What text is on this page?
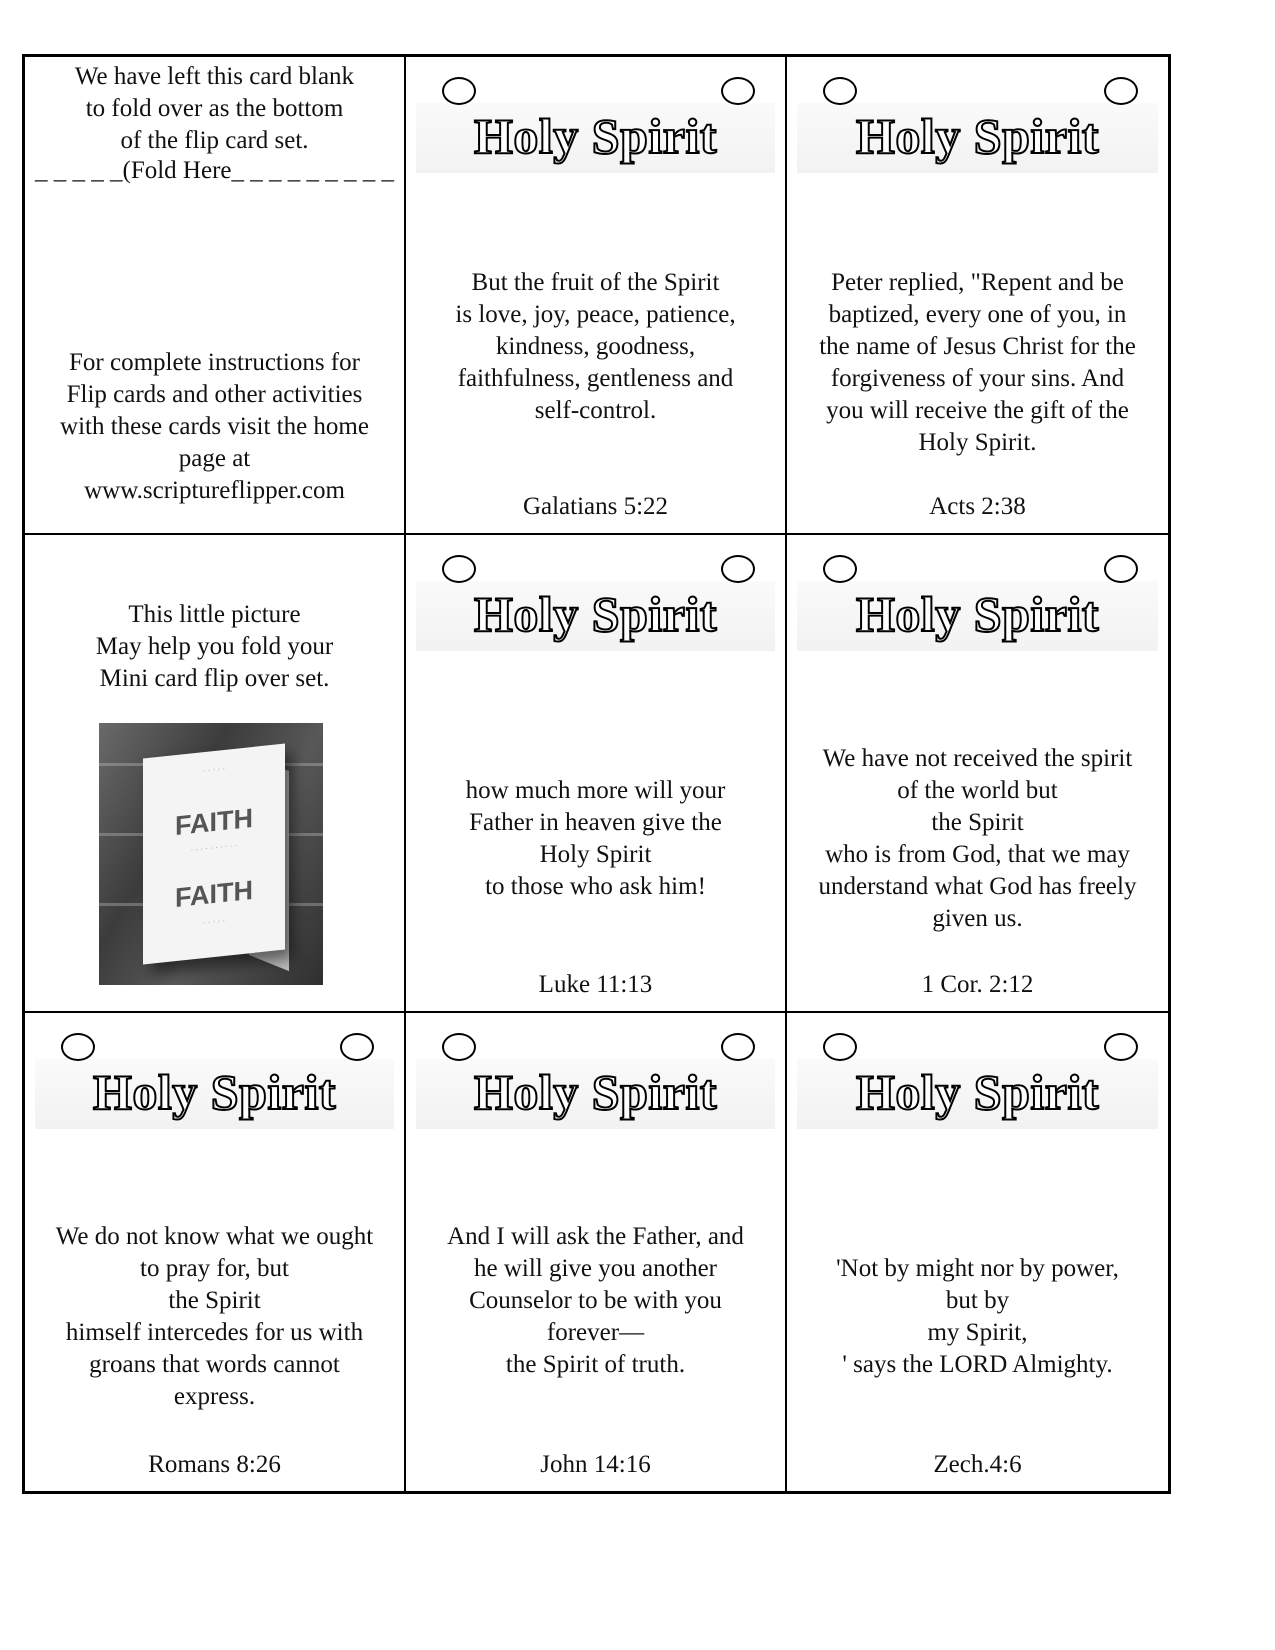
We have left this card blank
to fold over as the bottom
of the flip card set.
_ _ _ _ _(Fold Here_ _ _ _ _ _ _ _ _
For complete instructions for
Flip cards and other activities
with these cards visit the home
page at
www.scriptureflipper.com
Holy Spirit
But the fruit of the Spirit
is love, joy, peace, patience,
kindness, goodness,
faithfulness, gentleness and
self-control.
Galatians 5:22
Holy Spirit
Peter replied, "Repent and be
baptized, every one of you, in
the name of Jesus Christ for the
forgiveness of your sins. And
you will receive the gift of the
Holy Spirit.
Acts 2:38
This little picture
May help you fold your
Mini card flip over set.
· · · · ·
FAITH
· · · · · · · · · ·
FAITH
· · · · ·
Holy Spirit
how much more will your
Father in heaven give the
Holy Spirit
to those who ask him!
Luke 11:13
Holy Spirit
We have not received the spirit
of the world but
the Spirit
who is from God, that we may
understand what God has freely
given us.
1 Cor. 2:12
Holy Spirit
We do not know what we ought
to pray for, but
the Spirit
himself intercedes for us with
groans that words cannot
express.
Romans 8:26
Holy Spirit
And I will ask the Father, and
he will give you another
Counselor to be with you
forever—
the Spirit of truth.
John 14:16
Holy Spirit
'Not by might nor by power,
but by
my Spirit,
' says the LORD Almighty.
Zech.4:6
